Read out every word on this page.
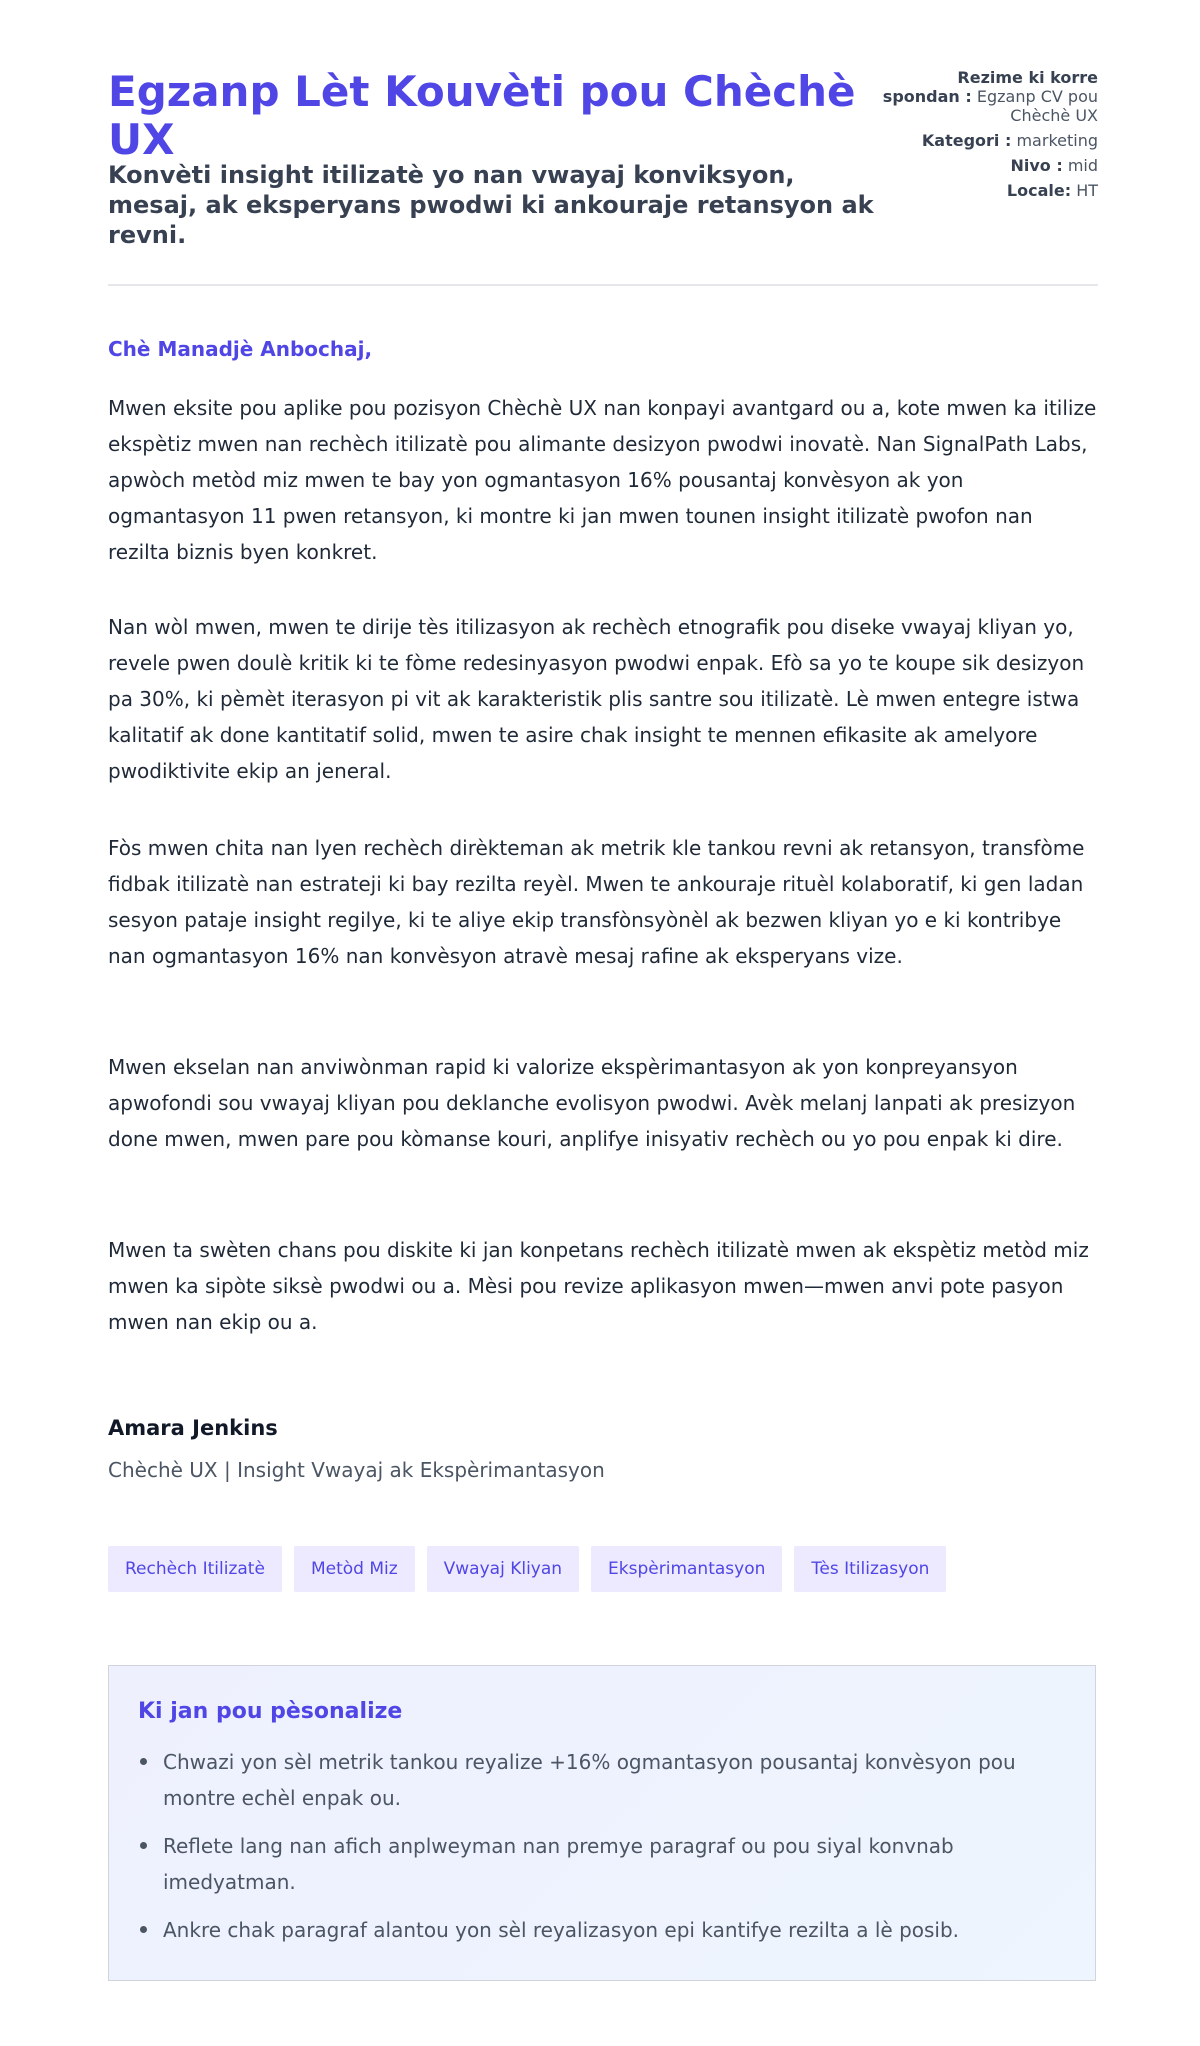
Egzanp Lèt Kouvèti pou Chèchè UX
Konvèti insight itilizatè yo nan vwayaj konviksyon, mesaj, ak eksperyans pwodwi ki ankouraje retansyon ak revni.
Rezime ki korre
spondan : Egzanp CV pou Chèchè UX
Kategori : marketing
Nivo : mid
Locale: HT

Chè Manadjè Anbochaj,

Mwen eksite pou aplike pou pozisyon Chèchè UX nan konpayi avantgard ou a, kote mwen ka itilize ekspètiz mwen nan rechèch itilizatè pou alimante desizyon pwodwi inovatè. Nan SignalPath Labs, apwòch metòd miz mwen te bay yon ogmantasyon 16% pousantaj konvèsyon ak yon ogmantasyon 11 pwen retansyon, ki montre ki jan mwen tounen insight itilizatè pwofon nan rezilta biznis byen konkret.

Nan wòl mwen, mwen te dirije tès itilizasyon ak rechèch etnografik pou diseke vwayaj kliyan yo, revele pwen doulè kritik ki te fòme redesinyasyon pwodwi enpak. Efò sa yo te koupe sik desizyon pa 30%, ki pèmèt iterasyon pi vit ak karakteristik plis santre sou itilizatè. Lè mwen entegre istwa kalitatif ak done kantitatif solid, mwen te asire chak insight te mennen efikasite ak amelyore pwodiktivite ekip an jeneral.

Fòs mwen chita nan lyen rechèch dirèkteman ak metrik kle tankou revni ak retansyon, transfòme fidbak itilizatè nan estrateji ki bay rezilta reyèl. Mwen te ankouraje rituèl kolaboratif, ki gen ladan sesyon pataje insight regilye, ki te aliye ekip transfònsyònèl ak bezwen kliyan yo e ki kontribye nan ogmantasyon 16% nan konvèsyon atravè mesaj rafine ak eksperyans vize.

Mwen ekselan nan anviwònman rapid ki valorize ekspèrimantasyon ak yon konpreyansyon apwofondi sou vwayaj kliyan pou deklanche evolisyon pwodwi. Avèk melanj lanpati ak presizyon done mwen, mwen pare pou kòmanse kouri, anplifye inisyativ rechèch ou yo pou enpak ki dire.

Mwen ta swèten chans pou diskite ki jan konpetans rechèch itilizatè mwen ak ekspètiz metòd miz mwen ka sipòte siksè pwodwi ou a. Mèsi pou revize aplikasyon mwen—mwen anvi pote pasyon mwen nan ekip ou a.

Amara Jenkins

Chèchè UX | Insight Vwayaj ak Ekspèrimantasyon

Rechèch Itilizatè	Metòd Miz	Vwayaj Kliyan	Ekspèrimantasyon	Tès Itilizasyon
Ki jan pou pèsonalize
Chwazi yon sèl metrik tankou reyalize +16% ogmantasyon pousantaj konvèsyon pou montre echèl enpak ou.
Reflete lang nan afich anplweyman nan premye paragraf ou pou siyal konvnab imedyatman.
Ankre chak paragraf alantou yon sèl reyalizasyon epi kantifye rezilta a lè posib.
